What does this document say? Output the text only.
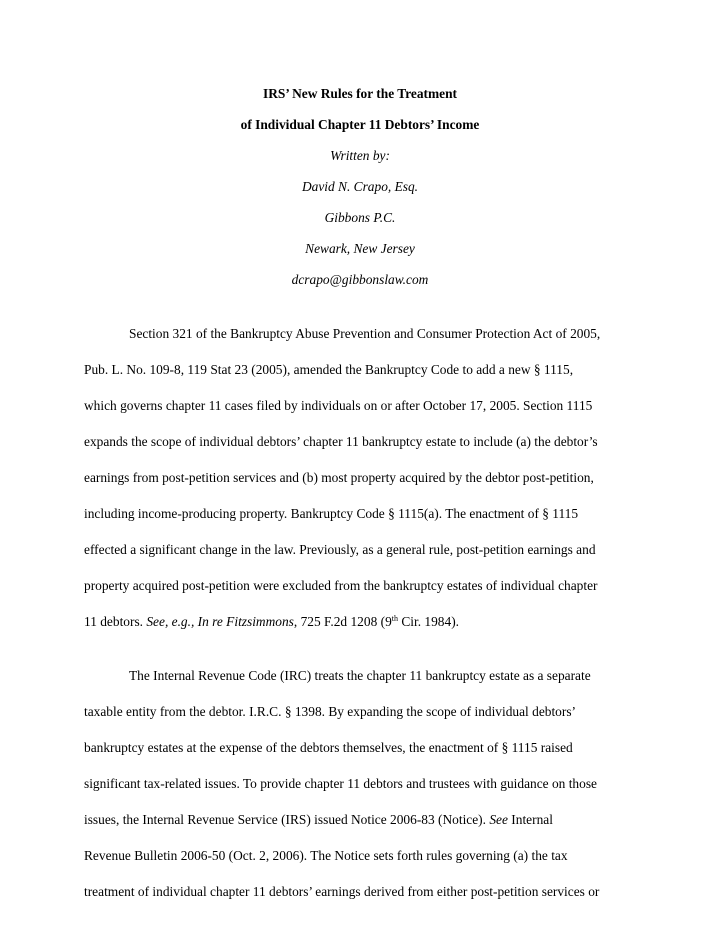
IRS’ New Rules for the Treatment
of Individual Chapter 11 Debtors’ Income
Written by:
David N. Crapo, Esq.
Gibbons P.C.
Newark, New Jersey
dcrapo@gibbonslaw.com
Section 321 of the Bankruptcy Abuse Prevention and Consumer Protection Act of 2005,
Pub. L. No. 109-8, 119 Stat 23 (2005), amended the Bankruptcy Code to add a new § 1115,
which governs chapter 11 cases filed by individuals on or after October 17, 2005. Section 1115
expands the scope of individual debtors’ chapter 11 bankruptcy estate to include (a) the debtor’s
earnings from post-petition services and (b) most property acquired by the debtor post-petition,
including income-producing property. Bankruptcy Code § 1115(a). The enactment of § 1115
effected a significant change in the law. Previously, as a general rule, post-petition earnings and
property acquired post-petition were excluded from the bankruptcy estates of individual chapter
11 debtors. See, e.g., In re Fitzsimmons, 725 F.2d 1208 (9th Cir. 1984).
The Internal Revenue Code (IRC) treats the chapter 11 bankruptcy estate as a separate
taxable entity from the debtor. I.R.C. § 1398. By expanding the scope of individual debtors’
bankruptcy estates at the expense of the debtors themselves, the enactment of § 1115 raised
significant tax-related issues. To provide chapter 11 debtors and trustees with guidance on those
issues, the Internal Revenue Service (IRS) issued Notice 2006-83 (Notice). See Internal
Revenue Bulletin 2006-50 (Oct. 2, 2006). The Notice sets forth rules governing (a) the tax
treatment of individual chapter 11 debtors’ earnings derived from either post-petition services or
